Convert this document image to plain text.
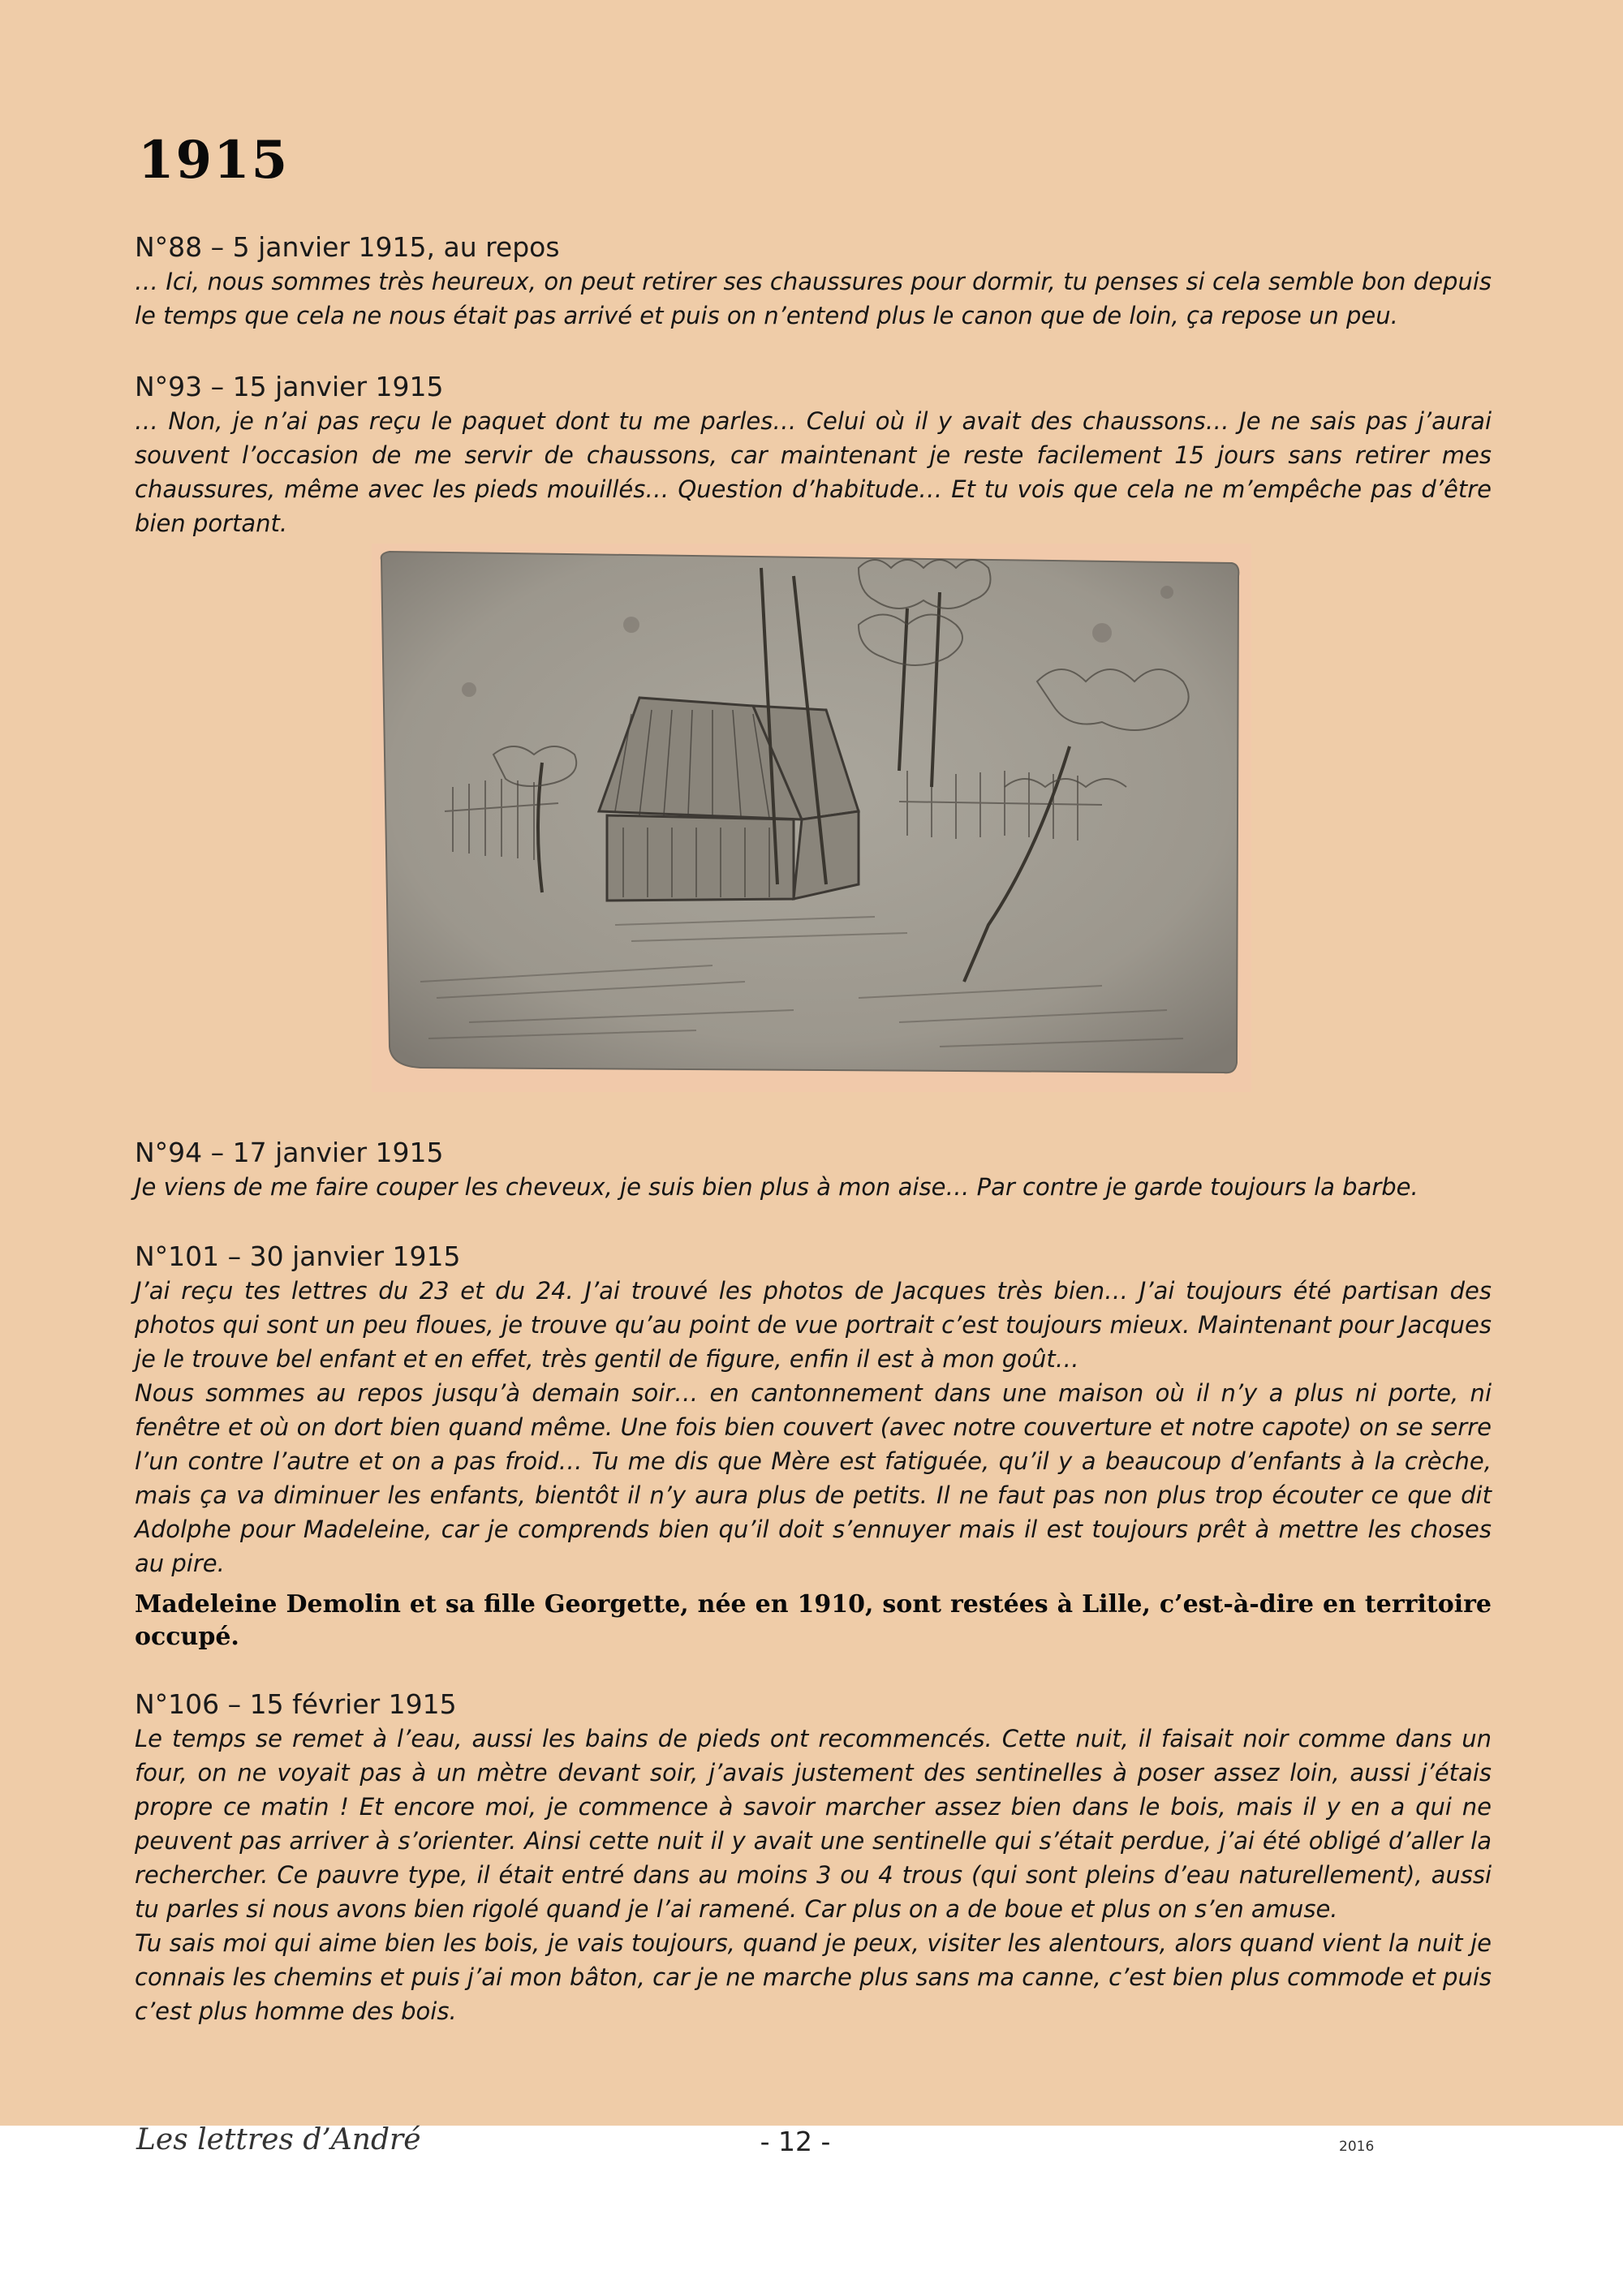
1915
N°88 – 5 janvier 1915, au repos

… Ici, nous sommes très heureux, on peut retirer ses chaussures pour dormir, tu penses si cela semble bon depuis le temps que cela ne nous était pas arrivé et puis on n’entend plus le canon que de loin, ça repose un peu.

N°93 – 15 janvier 1915

… Non, je n’ai pas reçu le paquet dont tu me parles… Celui où il y avait des chaussons… Je ne sais pas j’aurai souvent l’occasion de me servir de chaussons, car maintenant je reste facilement 15 jours sans retirer mes chaussures, même avec les pieds mouillés… Question d’habitude… Et tu vois que cela ne m’empêche pas d’être bien portant.

N°94 – 17 janvier 1915

Je viens de me faire couper les cheveux, je suis bien plus à mon aise… Par contre je garde toujours la barbe.

N°101 – 30 janvier 1915

J’ai reçu tes lettres du 23 et du 24. J’ai trouvé les photos de Jacques très bien… J’ai toujours été partisan des photos qui sont un peu floues, je trouve qu’au point de vue portrait c’est toujours mieux. Maintenant pour Jacques je le trouve bel enfant et en effet, très gentil de figure, enfin il est à mon goût…

Nous sommes au repos jusqu’à demain soir… en cantonnement dans une maison où il n’y a plus ni porte, ni fenêtre et où on dort bien quand même. Une fois bien couvert (avec notre couverture et notre capote) on se serre l’un contre l’autre et on a pas froid… Tu me dis que Mère est fatiguée, qu’il y a beaucoup d’enfants à la crèche, mais ça va diminuer les enfants, bientôt il n’y aura plus de petits. Il ne faut pas non plus trop écouter ce que dit Adolphe pour Madeleine, car je comprends bien qu’il doit s’ennuyer mais il est toujours prêt à mettre les choses au pire.

Madeleine Demolin et sa fille Georgette, née en 1910, sont restées à Lille, c’est-à-dire en territoire occupé.
N°106 – 15 février 1915

Le temps se remet à l’eau, aussi les bains de pieds ont recommencés. Cette nuit, il faisait noir comme dans un four, on ne voyait pas à un mètre devant soir, j’avais justement des sentinelles à poser assez loin, aussi j’étais propre ce matin ! Et encore moi, je commence à savoir marcher assez bien dans le bois, mais il y en a qui ne peuvent pas arriver à s’orienter. Ainsi cette nuit il y avait une sentinelle qui s’était perdue, j’ai été obligé d’aller la rechercher. Ce pauvre type, il était entré dans au moins 3 ou 4 trous (qui sont pleins d’eau naturellement), aussi tu parles si nous avons bien rigolé quand je l’ai ramené. Car plus on a de boue et plus on s’en amuse.

Tu sais moi qui aime bien les bois, je vais toujours, quand je peux, visiter les alentours, alors quand vient la nuit je connais les chemins et puis j’ai mon bâton, car je ne marche plus sans ma canne, c’est bien plus commode et puis c’est plus homme des bois.

Les lettres d’André	- 12 -	2016
